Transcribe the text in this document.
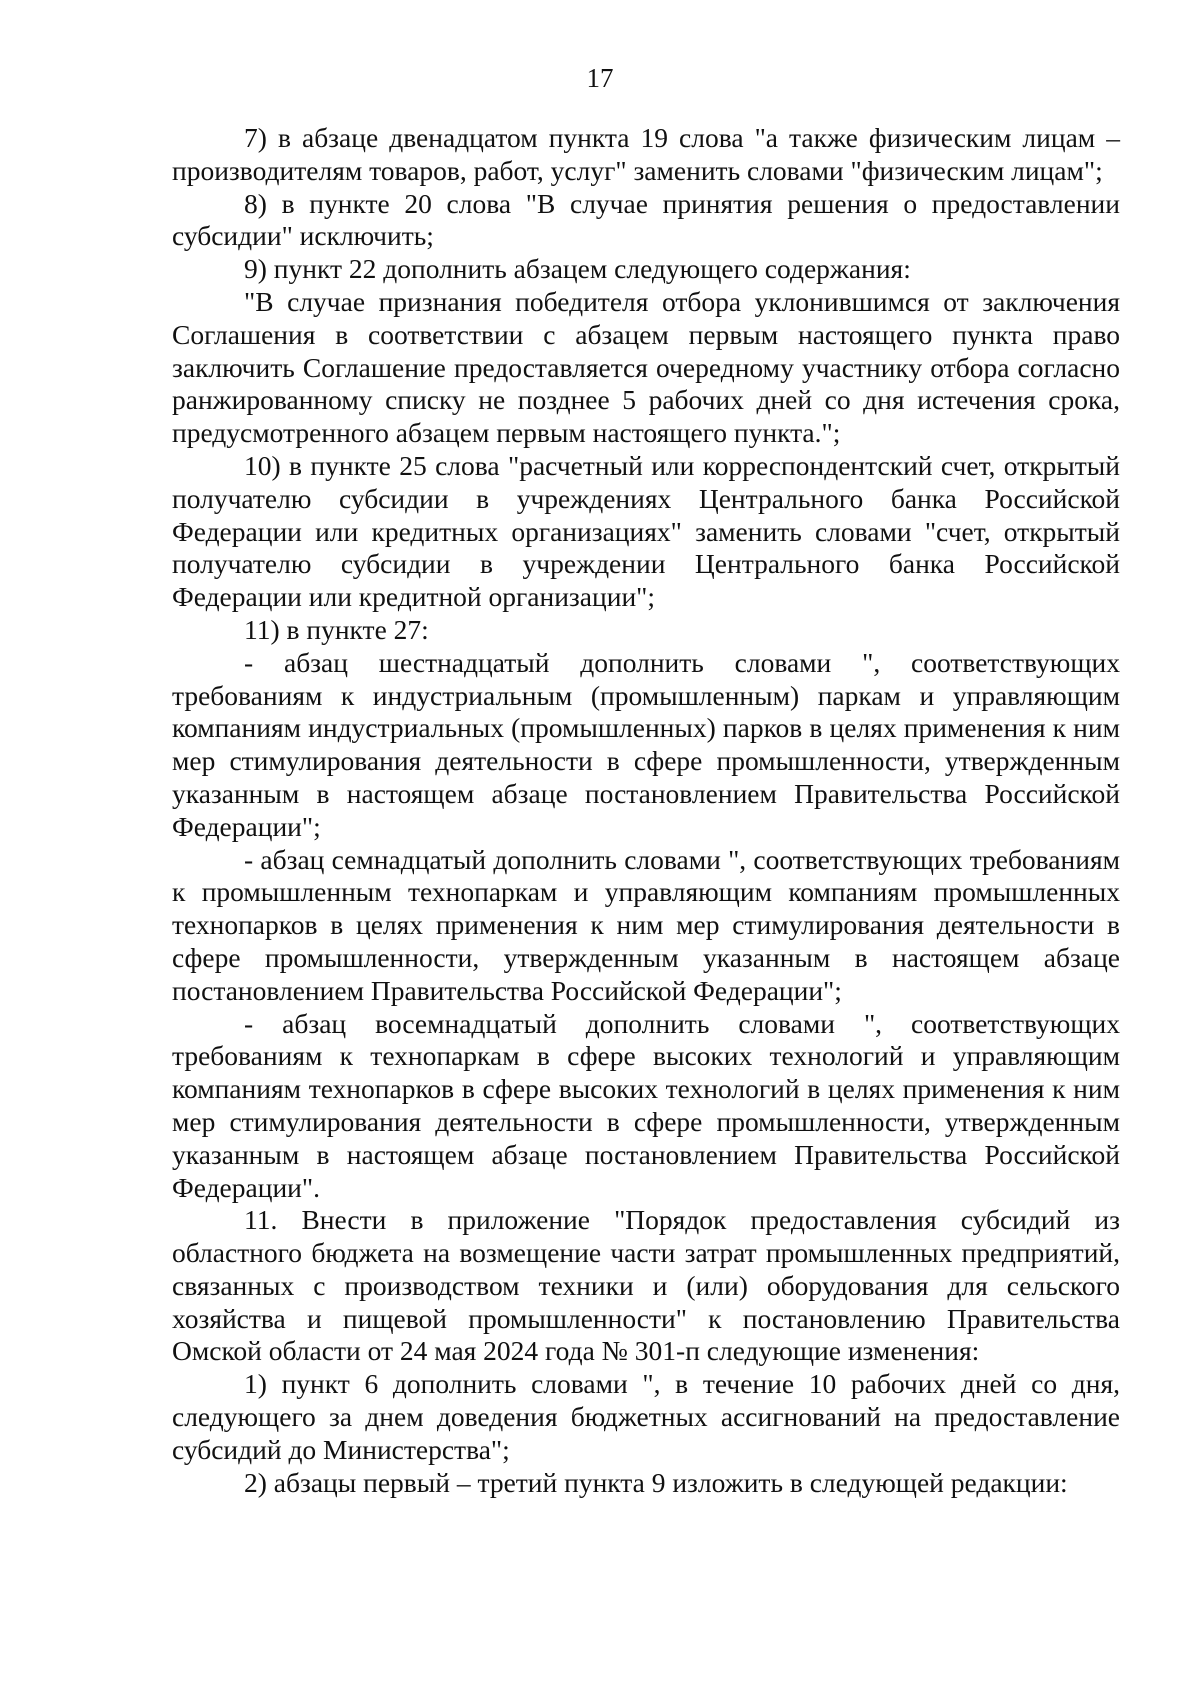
17

7) в абзаце двенадцатом пункта 19 слова "а также физическим лицам – производителям товаров, работ, услуг" заменить словами "физическим лицам";

8) в пункте 20 слова "В случае принятия решения о предоставлении субсидии" исключить;

9) пункт 22 дополнить абзацем следующего содержания:

"В случае признания победителя отбора уклонившимся от заключения Соглашения в соответствии с абзацем первым настоящего пункта право заключить Соглашение предоставляется очередному участнику отбора согласно ранжированному списку не позднее 5 рабочих дней со дня истечения срока, предусмотренного абзацем первым настоящего пункта.";

10) в пункте 25 слова "расчетный или корреспондентский счет, открытый получателю субсидии в учреждениях Центрального банка Российской Федерации или кредитных организациях" заменить словами "счет, открытый получателю субсидии в учреждении Центрального банка Российской Федерации или кредитной организации";

11) в пункте 27:

- абзац шестнадцатый дополнить словами ", соответствующих требованиям к индустриальным (промышленным) паркам и управляющим компаниям индустриальных (промышленных) парков в целях применения к ним мер стимулирования деятельности в сфере промышленности, утвержденным указанным в настоящем абзаце постановлением Правительства Российской Федерации";

- абзац семнадцатый дополнить словами ", соответствующих требованиям к промышленным технопаркам и управляющим компаниям промышленных технопарков в целях применения к ним мер стимулирования деятельности в сфере промышленности, утвержденным указанным в настоящем абзаце постановлением Правительства Российской Федерации";

- абзац восемнадцатый дополнить словами ", соответствующих требованиям к технопаркам в сфере высоких технологий и управляющим компаниям технопарков в сфере высоких технологий в целях применения к ним мер стимулирования деятельности в сфере промышленности, утвержденным указанным в настоящем абзаце постановлением Правительства Российской Федерации".

11. Внести в приложение "Порядок предоставления субсидий из областного бюджета на возмещение части затрат промышленных предприятий, связанных с производством техники и (или) оборудования для сельского хозяйства и пищевой промышленности" к постановлению Правительства Омской области от 24 мая 2024 года № 301-п следующие изменения:

1) пункт 6 дополнить словами ", в течение 10 рабочих дней со дня, следующего за днем доведения бюджетных ассигнований на предоставление субсидий до Министерства";

2) абзацы первый – третий пункта 9 изложить в следующей редакции:
